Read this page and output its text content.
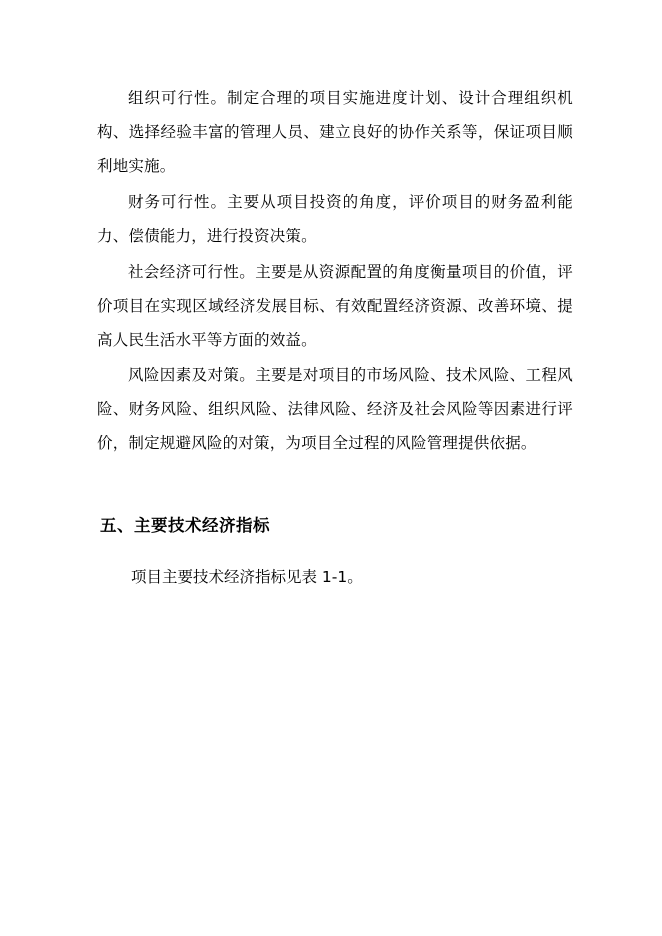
组织可行性。制定合理的项目实施进度计划、设计合理组织机构、选择经验丰富的管理人员、建立良好的协作关系等，保证项目顺利地实施。

财务可行性。主要从项目投资的角度，评价项目的财务盈利能力、偿债能力，进行投资决策。

社会经济可行性。主要是从资源配置的角度衡量项目的价值，评价项目在实现区域经济发展目标、有效配置经济资源、改善环境、提高人民生活水平等方面的效益。

风险因素及对策。主要是对项目的市场风险、技术风险、工程风险、财务风险、组织风险、法律风险、经济及社会风险等因素进行评价，制定规避风险的对策，为项目全过程的风险管理提供依据。

五、主要技术经济指标

项目主要技术经济指标见表 1-1。
